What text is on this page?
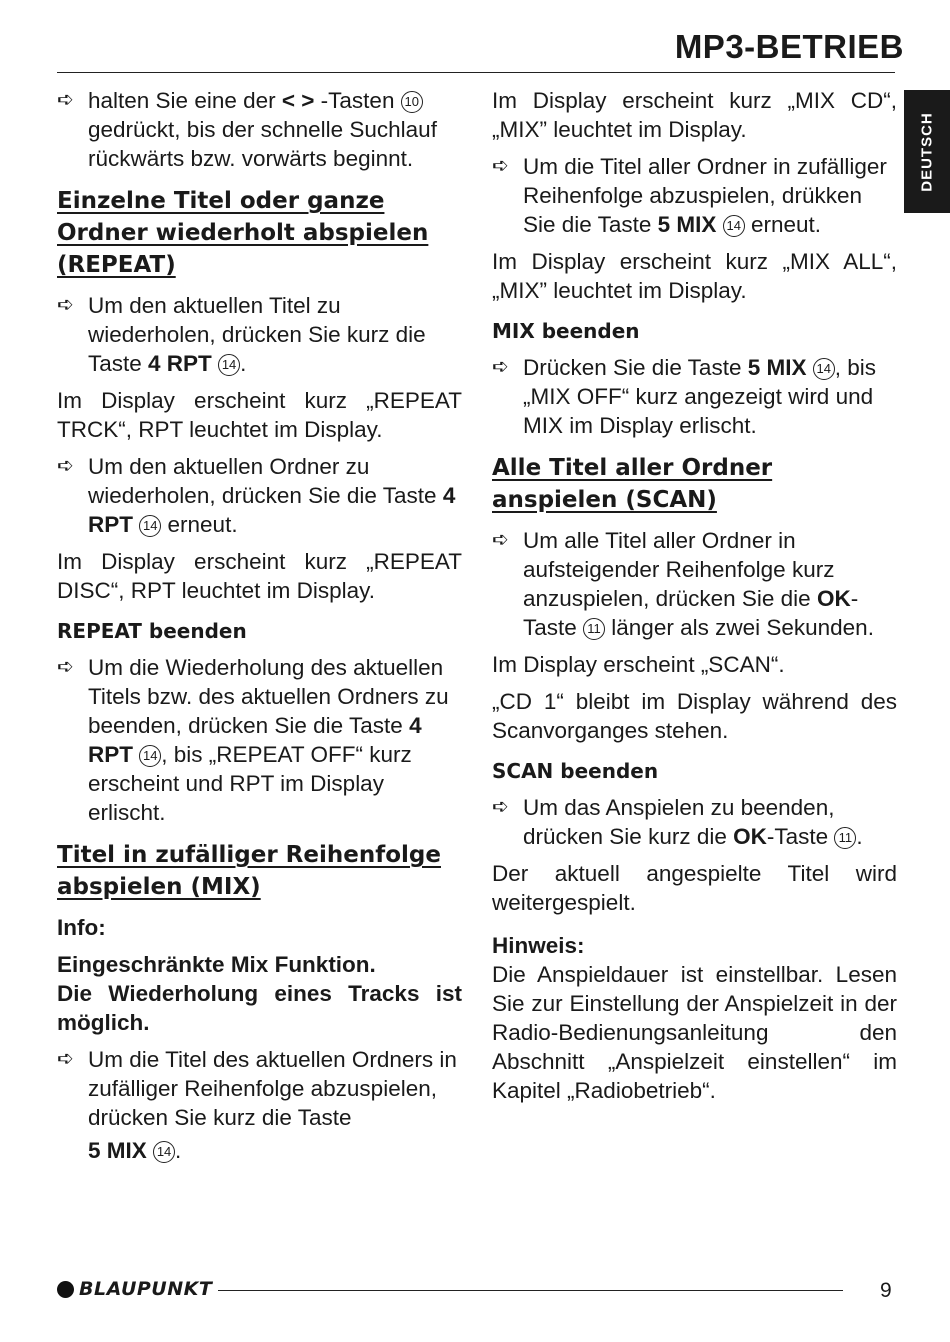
MP3-BETRIEB
DEUTSCH
➪ halten Sie eine der < > -Tasten 10 gedrückt, bis der schnelle Suchlauf rückwärts bzw. vorwärts beginnt.
Einzelne Titel oder ganze Ordner wiederholt abspielen (REPEAT)
➪ Um den aktuellen Titel zu wiederholen, drücken Sie kurz die Taste 4 RPT 14 .

Im Display erscheint kurz „REPEAT TRCK“, RPT leuchtet im Display.

➪ Um den aktuellen Ordner zu wiederholen, drücken Sie die Taste 4 RPT 14 erneut.

Im Display erscheint kurz „REPEAT DISC“, RPT leuchtet im Display.

REPEAT beenden
➪ Um die Wiederholung des aktuellen Titels bzw. des aktuellen Ordners zu beenden, drücken Sie die Taste 4 RPT 14 , bis „REPEAT OFF“ kurz erscheint und RPT im Display erlischt.
Titel in zufälliger Reihenfolge abspielen (MIX)

Info:

Eingeschränkte Mix Funktion.

Die Wiederholung eines Tracks ist möglich.

➪ Um die Titel des aktuellen Ordners in zufälliger Reihenfolge abzuspielen, drücken Sie kurz die Taste
5 MIX 14 .

Im Display erscheint kurz „MIX CD“, „MIX” leuchtet im Display.

➪ Um die Titel aller Ordner in zufälliger Reihenfolge abzuspielen, drükken Sie die Taste 5 MIX 14 erneut.

Im Display erscheint kurz „MIX ALL“, „MIX” leuchtet im Display.

MIX beenden
➪ Drücken Sie die Taste 5 MIX 14 , bis „MIX OFF“ kurz angezeigt wird und MIX im Display erlischt.
Alle Titel aller Ordner anspielen (SCAN)
➪ Um alle Titel aller Ordner in aufsteigender Reihenfolge kurz anzuspielen, drücken Sie die OK-Taste 11 länger als zwei Sekunden.

Im Display erscheint „SCAN“.

„CD 1“ bleibt im Display während des Scanvorganges stehen.

SCAN beenden
➪ Um das Anspielen zu beenden, drücken Sie kurz die OK-Taste 11 .

Der aktuell angespielte Titel wird weitergespielt.

Hinweis:

Die Anspieldauer ist einstellbar. Lesen Sie zur Einstellung der Anspielzeit in der Radio-Bedienungsanleitung den Abschnitt „Anspielzeit einstellen“ im Kapitel „Radiobetrieb“.

BLAUPUNKT	9
